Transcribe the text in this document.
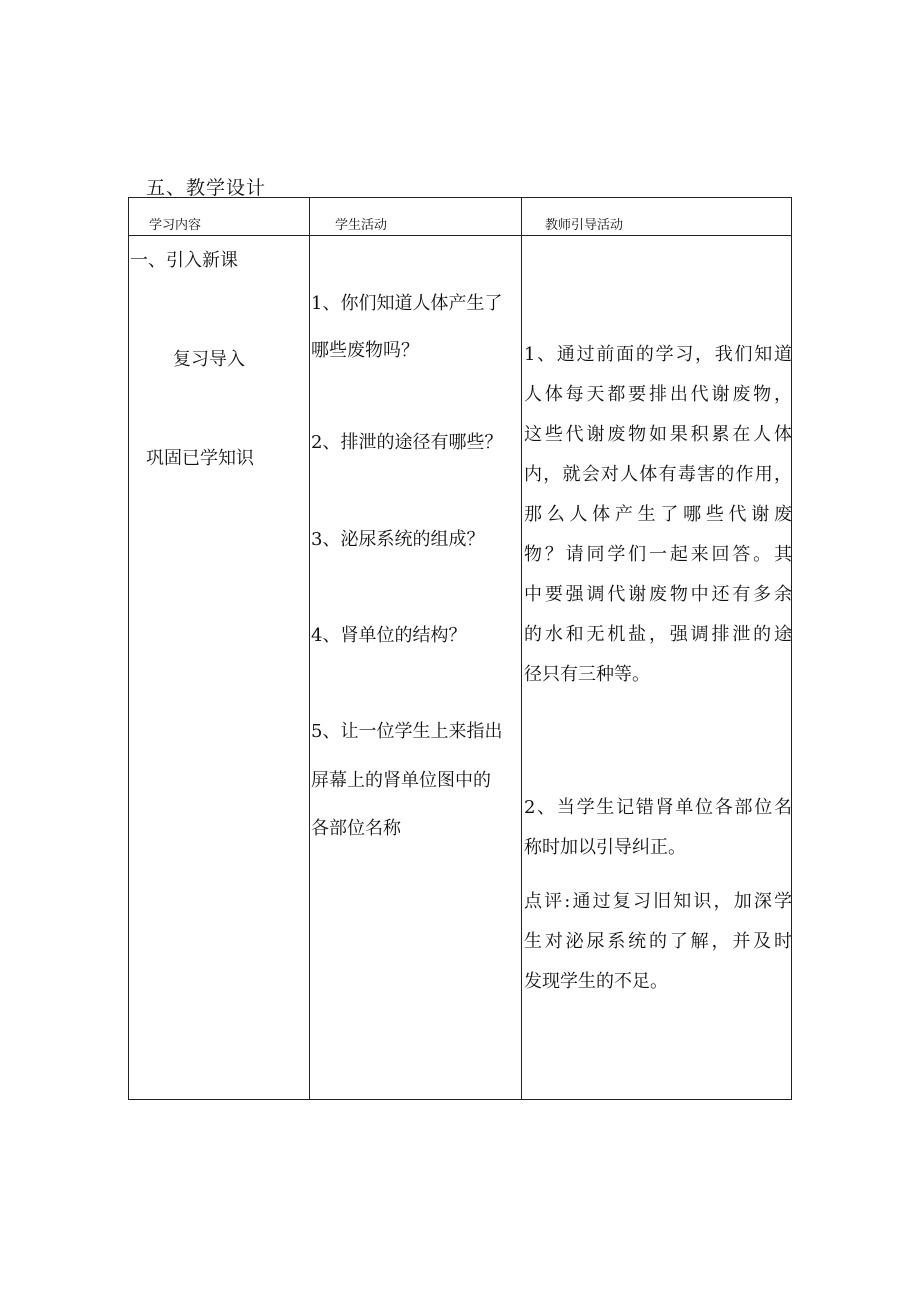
五、教学设计
学习内容	学生活动	教师引导活动
一、引入新课
复习导入
巩固已学知识
1、你们知道人体产生了
哪些废物吗？
2、排泄的途径有哪些？
3、泌尿系统的组成？
4、肾单位的结构？
5、让一位学生上来指出
屏幕上的肾单位图中的
各部位名称
1、通过前面的学习，我们知道
人体每天都要排出代谢废物，
这些代谢废物如果积累在人体
内，就会对人体有毒害的作用，
那么人体产生了哪些代谢废
物？请同学们一起来回答。其
中要强调代谢废物中还有多余
的水和无机盐，强调排泄的途
径只有三种等。
2、当学生记错肾单位各部位名
称时加以引导纠正。
点评:通过复习旧知识，加深学
生对泌尿系统的了解，并及时
发现学生的不足。
